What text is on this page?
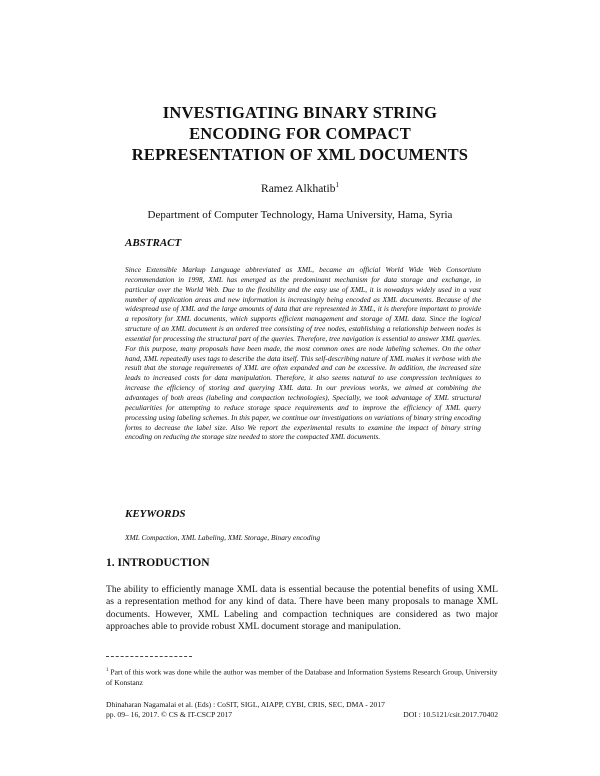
INVESTIGATING BINARY STRING
ENCODING FOR COMPACT
REPRESENTATION OF XML DOCUMENTS
Ramez Alkhatib$^1$
Department of Computer Technology, Hama University, Hama, Syria
ABSTRACT
Since Extensible Markup Language abbreviated as XML, became an official World Wide Web Consortium recommendation in 1998, XML has emerged as the predominant mechanism for data storage and exchange, in particular over the World Web. Due to the flexibility and the easy use of XML, it is nowadays widely used in a vast number of application areas and new information is increasingly being encoded as XML documents. Because of the widespread use of XML and the large amounts of data that are represented in XML, it is therefore important to provide a repository for XML documents, which supports efficient management and storage of XML data. Since the logical structure of an XML document is an ordered tree consisting of tree nodes, establishing a relationship between nodes is essential for processing the structural part of the queries. Therefore, tree navigation is essential to answer XML queries. For this purpose, many proposals have been made, the most common ones are node labeling schemes. On the other hand, XML repeatedly uses tags to describe the data itself. This self-describing nature of XML makes it verbose with the result that the storage requirements of XML are often expanded and can be excessive. In addition, the increased size leads to increased costs for data manipulation. Therefore, it also seems natural to use compression techniques to increase the efficiency of storing and querying XML data. In our previous works, we aimed at combining the advantages of both areas (labeling and compaction technologies), Specially, we took advantage of XML structural peculiarities for attempting to reduce storage space requirements and to improve the efficiency of XML query processing using labeling schemes. In this paper, we continue our investigations on variations of binary string encoding forms to decrease the label size. Also We report the experimental results to examine the impact of binary string encoding on reducing the storage size needed to store the compacted XML documents.
KEYWORDS
XML Compaction, XML Labeling, XML Storage, Binary encoding
1. INTRODUCTION
The ability to efficiently manage XML data is essential because the potential benefits of using XML as a representation method for any kind of data. There have been many proposals to manage XML documents. However, XML Labeling and compaction techniques are considered as two major approaches able to provide robust XML document storage and manipulation.
$^1$ Part of this work was done while the author was member of the Database and Information Systems Research Group, University of Konstanz
Dhinaharan Nagamalai et al. (Eds) : CoSIT, SIGL, AIAPP, CYBI, CRIS, SEC, DMA - 2017
pp. 09– 16, 2017. © CS & IT-CSCP 2017	DOI : 10.5121/csit.2017.70402
